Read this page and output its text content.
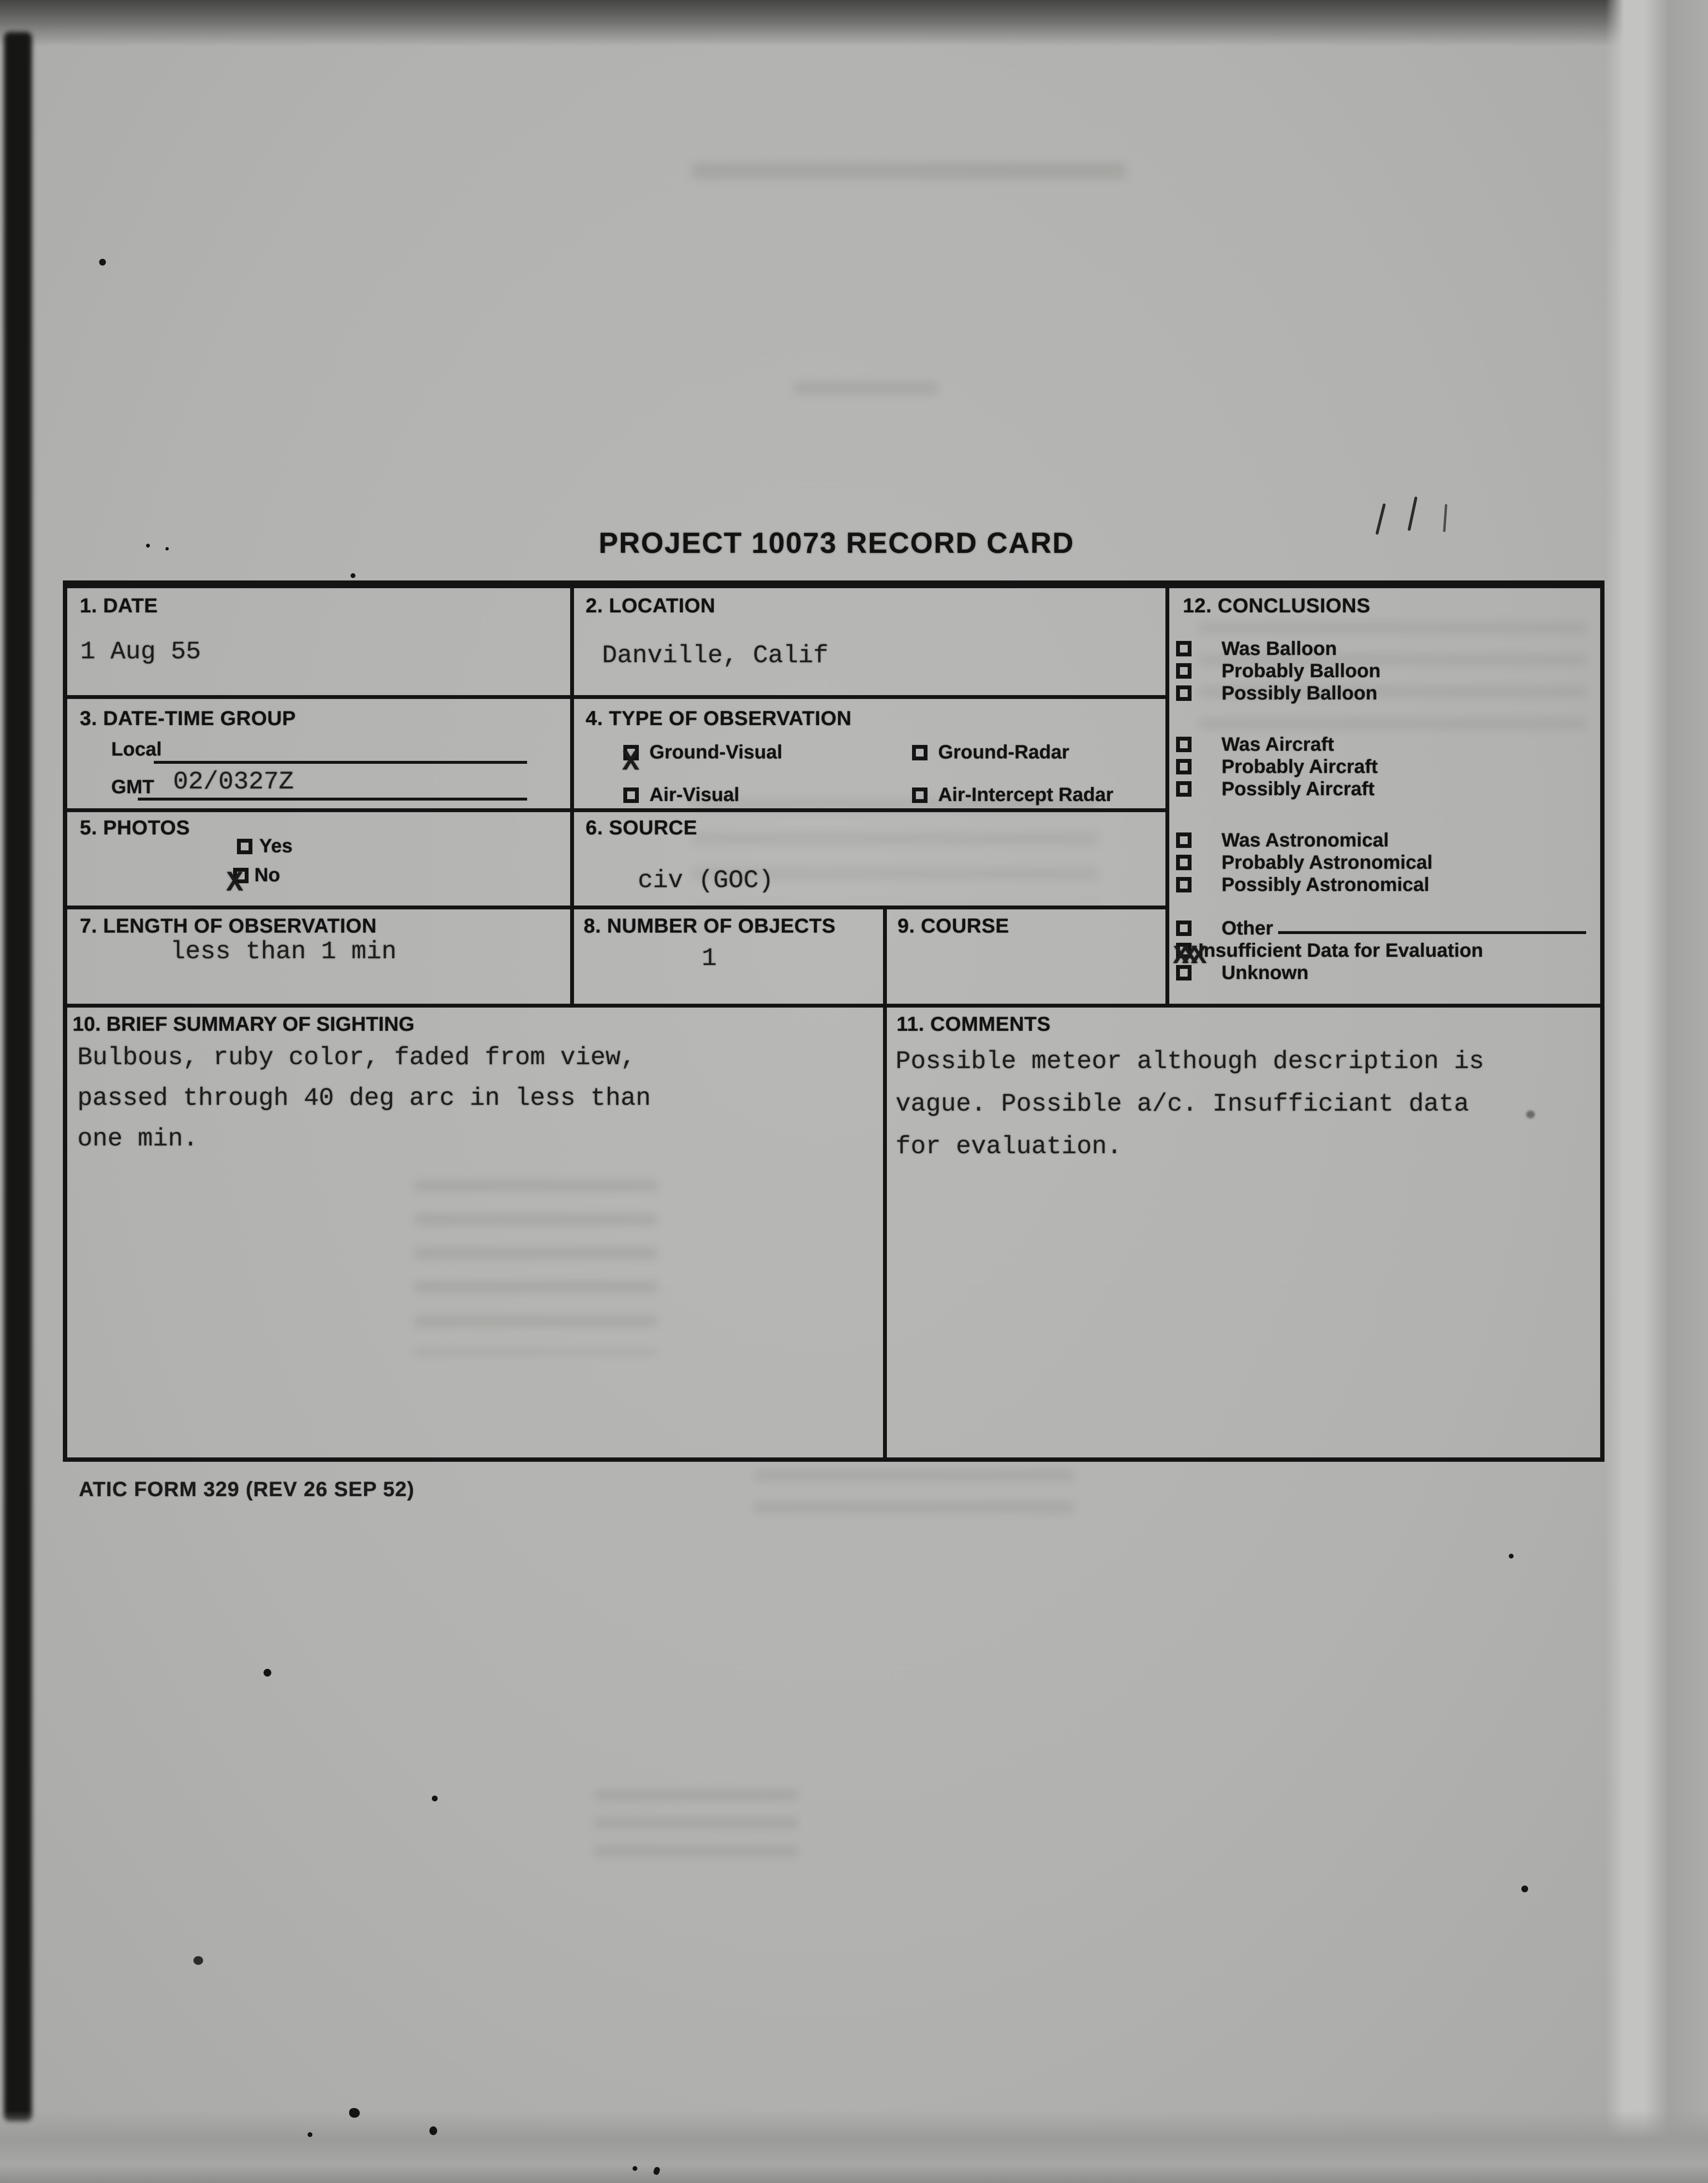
PROJECT 10073 RECORD CARD
1. DATE
1 Aug 55
2. LOCATION
Danville, Calif
3. DATE-TIME GROUP
Local
GMT 02/0327Z
4. TYPE OF OBSERVATION
X Ground-Visual	Ground-Radar
Air-Visual	Air-Intercept Radar
5. PHOTOS
Yes
X No
6. SOURCE
civ (GOC)
7. LENGTH OF OBSERVATION
less than 1 min
8. NUMBER OF OBJECTS
1
9. COURSE
12. CONCLUSIONS
Was Balloon
Probably Balloon
Possibly Balloon
Was Aircraft
Probably Aircraft
Possibly Aircraft
Was Astronomical
Probably Astronomical
Possibly Astronomical
Other
XXX
Insufficient Data for Evaluation
Unknown
10. BRIEF SUMMARY OF SIGHTING
Bulbous, ruby color, faded from view,
passed through 40 deg arc in less than
one min.
11. COMMENTS
Possible meteor although description is
vague. Possible a/c. Insufficiant data
for evaluation.
ATIC FORM 329 (REV 26 SEP 52)
